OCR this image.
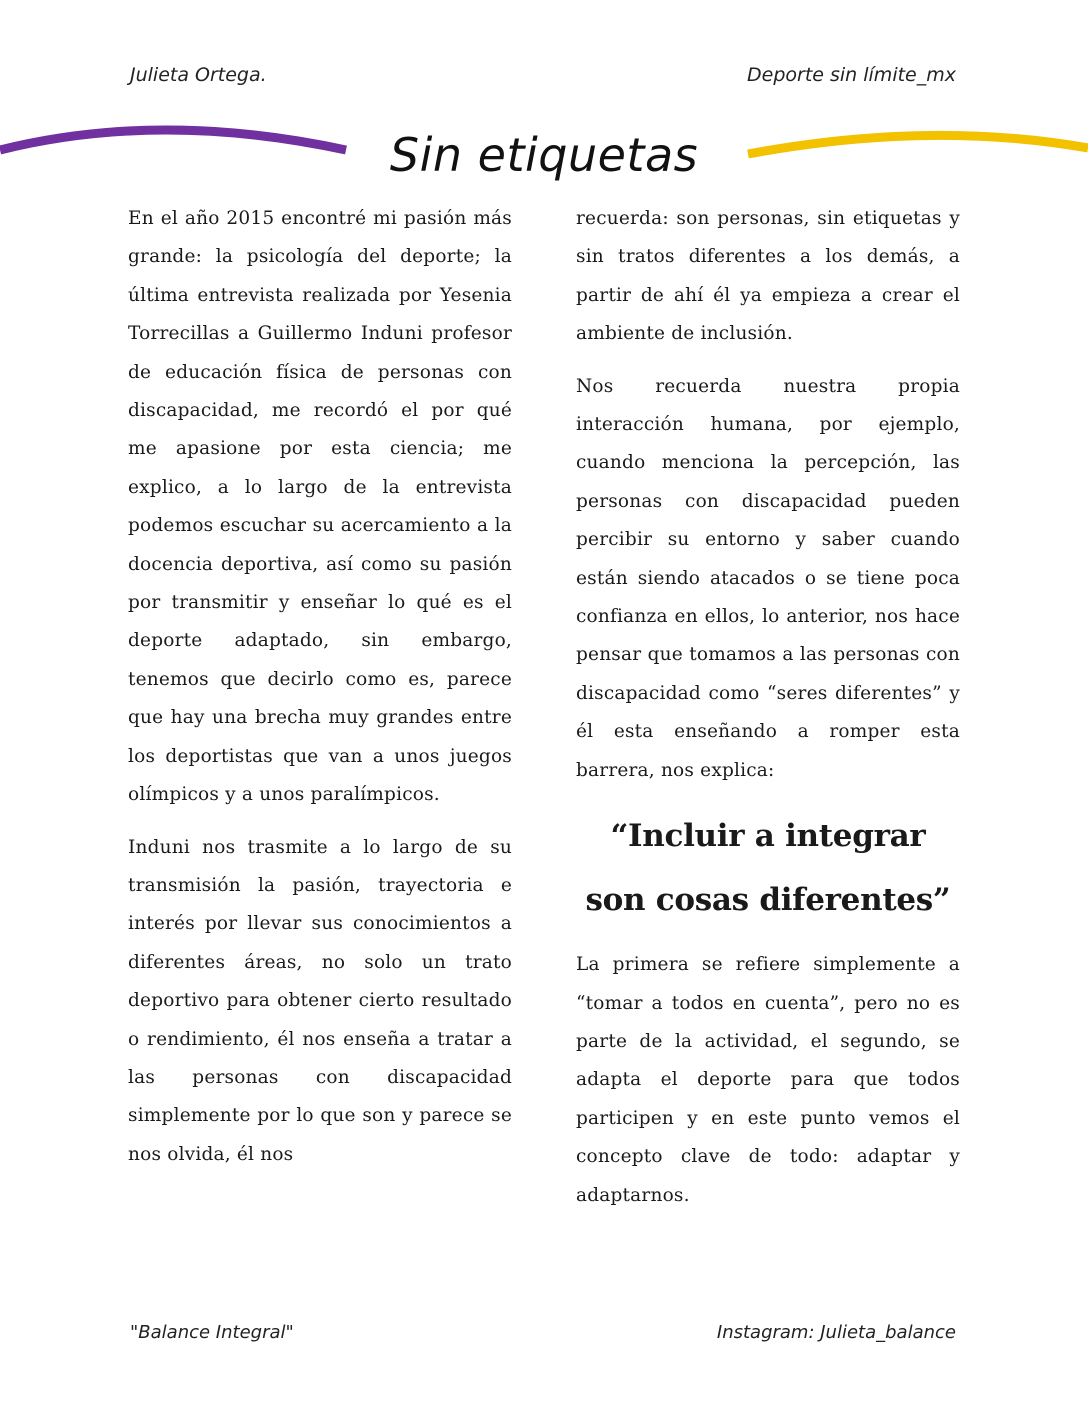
Julieta Ortega.	Deporte sin límite_mx
Sin etiquetas

En el año 2015 encontré mi pasión más grande: la psicología del deporte; la última entrevista realizada por Yesenia Torrecillas a Guillermo Induni profesor de educación física de personas con discapacidad, me recordó el por qué me apasione por esta ciencia; me explico, a lo largo de la entrevista podemos escuchar su acercamiento a la docencia deportiva, así como su pasión por transmitir y enseñar lo qué es el deporte adaptado, sin embargo, tenemos que decirlo como es, parece que hay una brecha muy grandes entre los deportistas que van a unos juegos olímpicos y a unos paralímpicos.

Induni nos trasmite a lo largo de su transmisión la pasión, trayectoria e interés por llevar sus conocimientos a diferentes áreas, no solo un trato deportivo para obtener cierto resultado o rendimiento, él nos enseña a tratar a las personas con discapacidad simplemente por lo que son y parece se nos olvida, él nos

recuerda: son personas, sin etiquetas y sin tratos diferentes a los demás, a partir de ahí él ya empieza a crear el ambiente de inclusión.

Nos recuerda nuestra propia interacción humana, por ejemplo, cuando menciona la percepción, las personas con discapacidad pueden percibir su entorno y saber cuando están siendo atacados o se tiene poca confianza en ellos, lo anterior, nos hace pensar que tomamos a las personas con discapacidad como “seres diferentes” y él esta enseñando a romper esta barrera, nos explica:

“Incluir a integrar son cosas diferentes”

La primera se refiere simplemente a “tomar a todos en cuenta”, pero no es parte de la actividad, el segundo, se adapta el deporte para que todos participen y en este punto vemos el concepto clave de todo: adaptar y adaptarnos.

"Balance Integral"	Instagram: Julieta_balance
